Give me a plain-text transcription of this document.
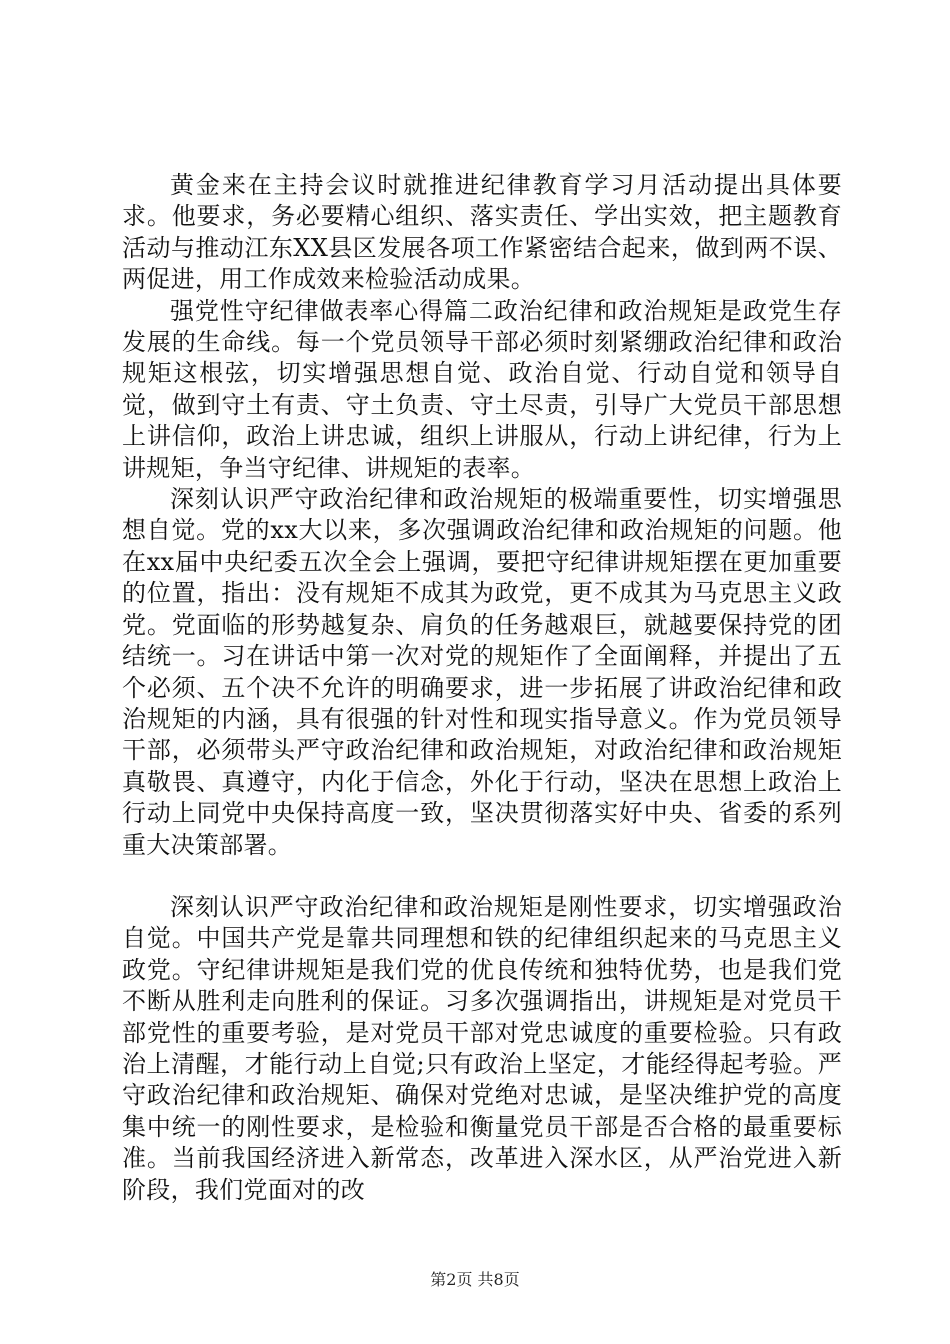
黄金来在主持会议时就推进纪律教育学习月活动提出具体要求。他要求，务必要精心组织、落实责任、学出实效，把主题教育活动与推动江东XX县区发展各项工作紧密结合起来，做到两不误、两促进，用工作成效来检验活动成果。

强党性守纪律做表率心得篇二政治纪律和政治规矩是政党生存发展的生命线。每一个党员领导干部必须时刻紧绷政治纪律和政治规矩这根弦，切实增强思想自觉、政治自觉、行动自觉和领导自觉，做到守土有责、守土负责、守土尽责，引导广大党员干部思想上讲信仰，政治上讲忠诚，组织上讲服从，行动上讲纪律，行为上讲规矩，争当守纪律、讲规矩的表率。

深刻认识严守政治纪律和政治规矩的极端重要性，切实增强思想自觉。党的xx大以来，多次强调政治纪律和政治规矩的问题。他在xx届中央纪委五次全会上强调，要把守纪律讲规矩摆在更加重要的位置，指出：没有规矩不成其为政党，更不成其为马克思主义政党。党面临的形势越复杂、肩负的任务越艰巨，就越要保持党的团结统一。习在讲话中第一次对党的规矩作了全面阐释，并提出了五个必须、五个决不允许的明确要求，进一步拓展了讲政治纪律和政治规矩的内涵，具有很强的针对性和现实指导意义。作为党员领导干部，必须带头严守政治纪律和政治规矩，对政治纪律和政治规矩真敬畏、真遵守，内化于信念，外化于行动，坚决在思想上政治上行动上同党中央保持高度一致，坚决贯彻落实好中央、省委的系列重大决策部署。

深刻认识严守政治纪律和政治规矩是刚性要求，切实增强政治自觉。中国共产党是靠共同理想和铁的纪律组织起来的马克思主义政党。守纪律讲规矩是我们党的优良传统和独特优势，也是我们党不断从胜利走向胜利的保证。习多次强调指出，讲规矩是对党员干部党性的重要考验，是对党员干部对党忠诚度的重要检验。只有政治上清醒，才能行动上自觉;只有政治上坚定，才能经得起考验。严守政治纪律和政治规矩、确保对党绝对忠诚，是坚决维护党的高度集中统一的刚性要求，是检验和衡量党员干部是否合格的最重要标准。当前我国经济进入新常态，改革进入深水区，从严治党进入新阶段，我们党面对的改

第2页 共8页
